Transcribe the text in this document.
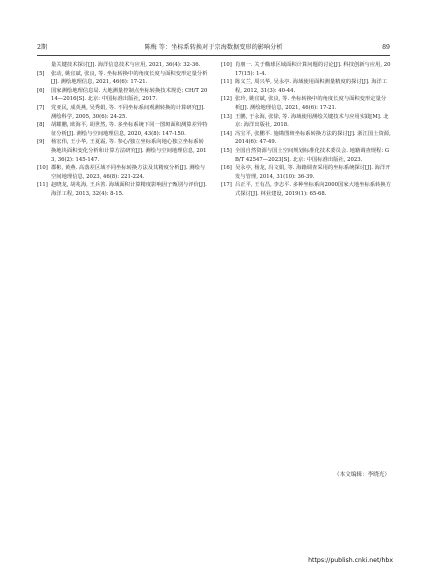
2期	陈梅 等：坐标系转换对于宗海数据变形的影响分析	89

量关键技术探讨[J]. 海洋信息技术与应用, 2021, 36(4): 32-36.

[5] 张动, 姚宜斌, 张良, 等. 坐标转换中的角度长度与面积变形定量分析[J]. 测绘地理信息, 2021, 46(6): 17-21.

[6] 国家测绘地理信息局. 大地测量控制点坐标转换技术规范: CH/T 2014—2016[S]. 北京: 中国标准出版社, 2017.

[7] 党亚民, 成英燕, 吴秀娟, 等. 不同坐标系间观测转换的计算研究[J]. 测绘科学, 2005, 30(6): 24-25.

[8] 胡耀鹏, 欧海平, 胡世然, 等. 多坐标系统下同一图斑面积测算差异特征分析[J]. 测绘与空间地理信息, 2020, 43(8): 147-150.

[9] 杨宏伟, 王小华, 王夏霜, 等. 参心/独立坐标系向地心独立坐标系转换地块面积变化分析和计算方法研究[J]. 测绘与空间地理信息, 2013, 36(2): 145-147.

[10] 郡彬, 黄燕. 高落差区域不同坐标转换方法及其精度分析[J]. 测绘与空间地理信息, 2023, 46(8): 221-224.

[11] 赵晓龙, 胡兆海, 王兵善. 海域面积计算精度影响因子甄别与评价[J]. 海洋工程, 2013, 32(4): 8-15.

[10] 肖朋一. 关于椭球区域面积计算问题的讨论[J]. 科技创新与应用, 2017(15): 1-4.

[11] 陈义兰, 周兴华, 吴永亭. 海域使用面积测量精度的探讨[J]. 海洋工程, 2012, 31(3): 40-44.

[12] 张玲, 姚宜斌, 张良, 等. 坐标转换中的角度长度与面积变形定量分析[J]. 测绘地理信息, 2021, 46(6): 17-21.

[13] 王鹏, 于永海, 张徐, 等. 海域使用测绘关键技术与应用实践[M]. 北京: 海洋出版社, 2018.

[14] 冯宝平, 张鹏平. 施勘图斑坐标系转换方法的探讨[J]. 浙江国土资源, 2014(6): 47-49.

[15] 全国自然资源与国土空间规划标准化技术委员会. 地籍调查规程: GB/T 42547—2023[S]. 北京: 中国标准出版社, 2023.

[16] 吴永亭, 杨龙, 冯文娟, 等. 海籍调查采用的坐标系统探讨[J]. 海洋开发与管理, 2014, 31(10): 36-39.

[17] 吕正平, 王有昌, 李志平. 多种坐标系向2000国家大地坐标系转换方式探讨[J]. 林业建设, 2019(1): 65-68.

（本文编辑：李晓光）
https://publish.cnki.net/hbx
